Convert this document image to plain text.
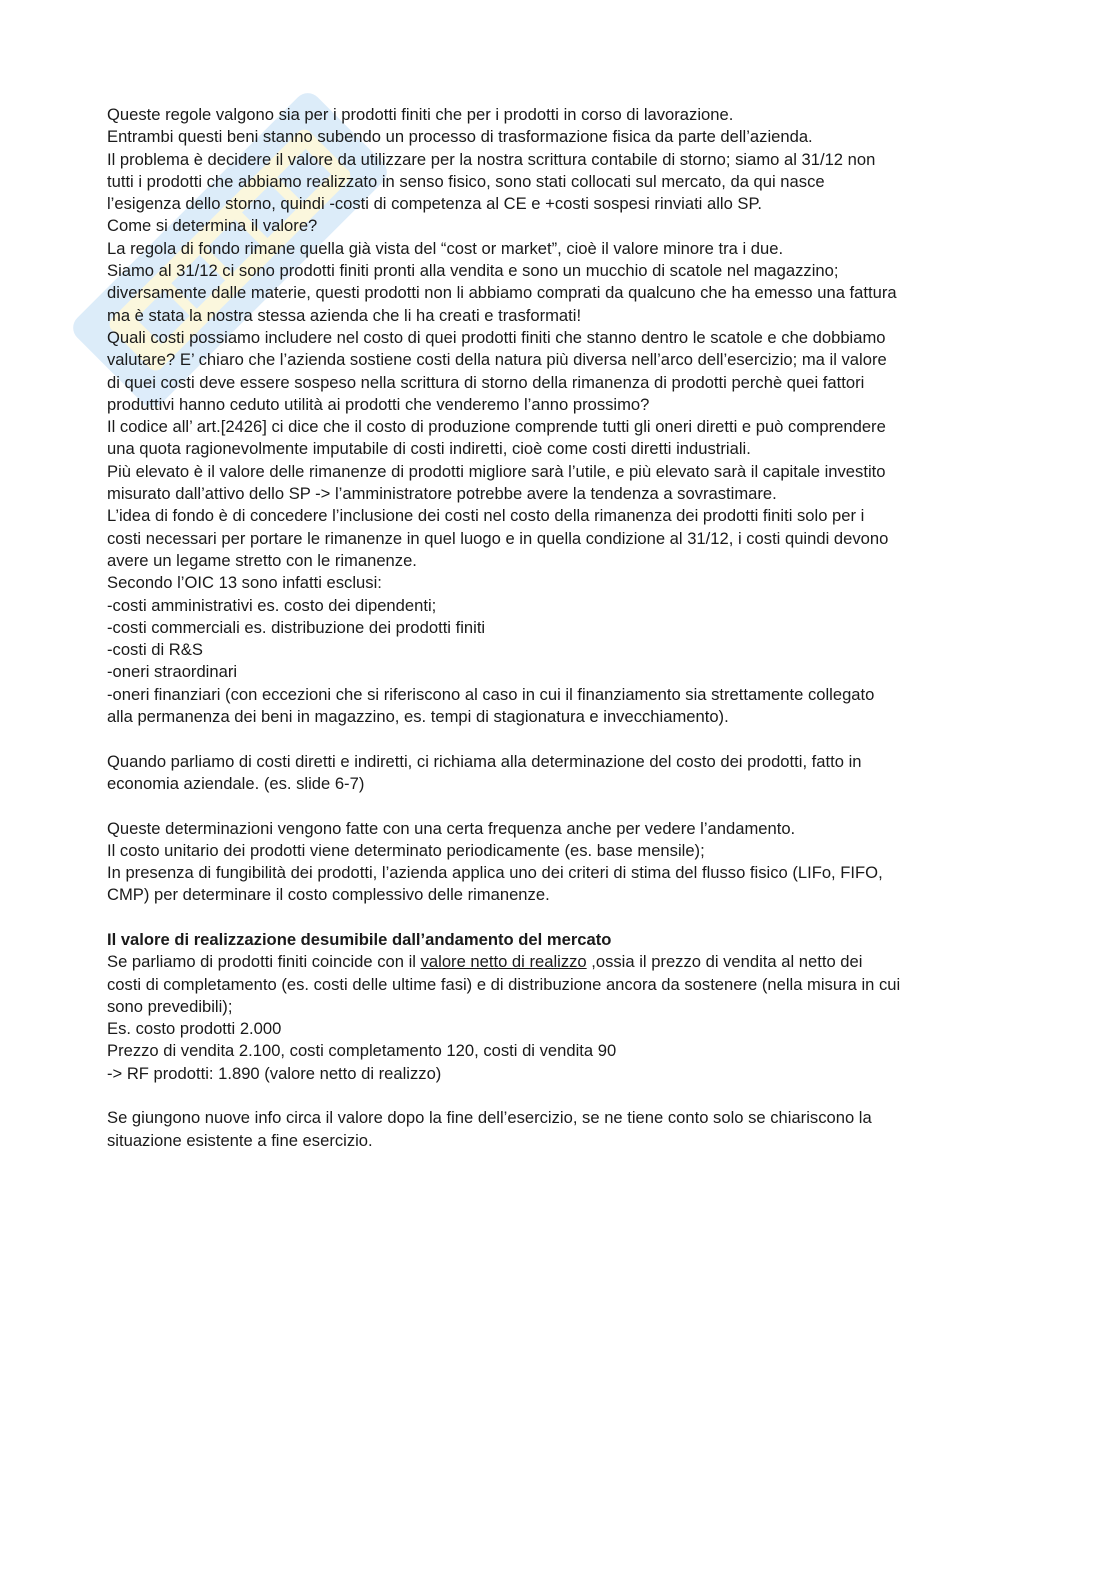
Queste regole valgono sia per i prodotti finiti che per i prodotti in corso di lavorazione.
Entrambi questi beni stanno subendo un processo di trasformazione fisica da parte dell’azienda.
Il problema è decidere il valore da utilizzare per la nostra scrittura contabile di storno; siamo al 31/12 non
tutti i prodotti che abbiamo realizzato in senso fisico, sono stati collocati sul mercato, da qui nasce
l’esigenza dello storno, quindi -costi di competenza al CE e +costi sospesi rinviati allo SP.
Come si determina il valore?
La regola di fondo rimane quella già vista del “cost or market”, cioè il valore minore tra i due.
Siamo al 31/12 ci sono prodotti finiti pronti alla vendita e sono un mucchio di scatole nel magazzino;
diversamente dalle materie, questi prodotti non li abbiamo comprati da qualcuno che ha emesso una fattura
ma è stata la nostra stessa azienda che li ha creati e trasformati!
Quali costi possiamo includere nel costo di quei prodotti finiti che stanno dentro le scatole e che dobbiamo
valutare? E’ chiaro che l’azienda sostiene costi della natura più diversa nell’arco dell’esercizio; ma il valore
di quei costi deve essere sospeso nella scrittura di storno della rimanenza di prodotti perchè quei fattori
produttivi hanno ceduto utilità ai prodotti che venderemo l’anno prossimo?
Il codice all’ art.[2426] ci dice che il costo di produzione comprende tutti gli oneri diretti e può comprendere
una quota ragionevolmente imputabile di costi indiretti, cioè come costi diretti industriali.
Più elevato è il valore delle rimanenze di prodotti migliore sarà l’utile, e più elevato sarà il capitale investito
misurato dall’attivo dello SP -> l’amministratore potrebbe avere la tendenza a sovrastimare.
L’idea di fondo è di concedere l’inclusione dei costi nel costo della rimanenza dei prodotti finiti solo per i
costi necessari per portare le rimanenze in quel luogo e in quella condizione al 31/12, i costi quindi devono
avere un legame stretto con le rimanenze.
Secondo l’OIC 13 sono infatti esclusi:
-costi amministrativi es. costo dei dipendenti;
-costi commerciali es. distribuzione dei prodotti finiti
-costi di R&S
-oneri straordinari
-oneri finanziari (con eccezioni che si riferiscono al caso in cui il finanziamento sia strettamente collegato
alla permanenza dei beni in magazzino, es. tempi di stagionatura e invecchiamento).
Quando parliamo di costi diretti e indiretti, ci richiama alla determinazione del costo dei prodotti, fatto in
economia aziendale. (es. slide 6-7)
Queste determinazioni vengono fatte con una certa frequenza anche per vedere l’andamento.
Il costo unitario dei prodotti viene determinato periodicamente (es. base mensile);
In presenza di fungibilità dei prodotti, l’azienda applica uno dei criteri di stima del flusso fisico (LIFo, FIFO,
CMP) per determinare il costo complessivo delle rimanenze.
Il valore di realizzazione desumibile dall’andamento del mercato
Se parliamo di prodotti finiti coincide con il valore netto di realizzo ,ossia il prezzo di vendita al netto dei
costi di completamento (es. costi delle ultime fasi) e di distribuzione ancora da sostenere (nella misura in cui
sono prevedibili);
Es. costo prodotti 2.000
Prezzo di vendita 2.100, costi completamento 120, costi di vendita 90
-> RF prodotti: 1.890 (valore netto di realizzo)
Se giungono nuove info circa il valore dopo la fine dell’esercizio, se ne tiene conto solo se chiariscono la
situazione esistente a fine esercizio.
